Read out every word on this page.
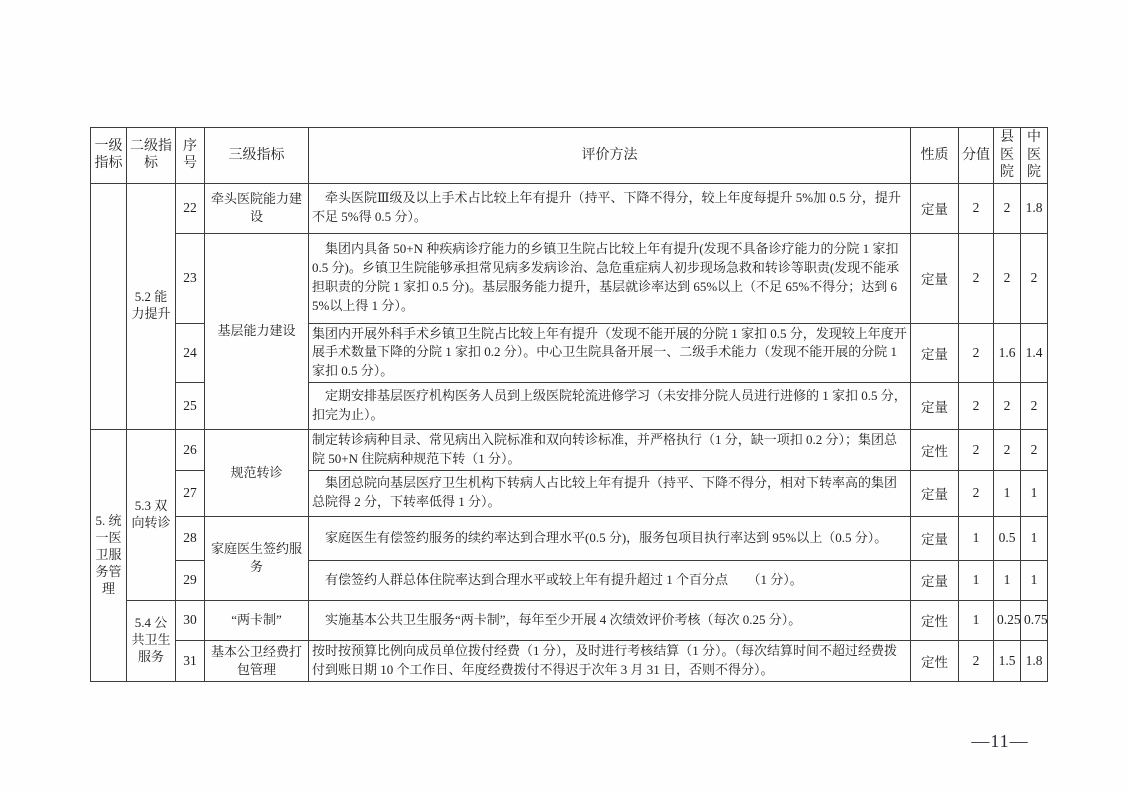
一级指标	二级指标	序号	三级指标	评价方法	性质	分值	县医院	中医院
	5.2 能力提升	22	牵头医院能力建设	　牵头医院Ⅲ级及以上手术占比较上年有提升（持平、下降不得分，较上年度每提升 5%加 0.5 分，提升不足 5%得 0.5 分）。	定量	2	2	1.8
		23	基层能力建设	　集团内具备 50+N 种疾病诊疗能力的乡镇卫生院占比较上年有提升(发现不具备诊疗能力的分院 1 家扣 0.5 分)。乡镇卫生院能够承担常见病多发病诊治、急危重症病人初步现场急救和转诊等职责(发现不能承担职责的分院 1 家扣 0.5 分)。基层服务能力提升，基层就诊率达到 65%以上（不足 65%不得分；达到 65%以上得 1 分）。	定量	2	2	2
		24		集团内开展外科手术乡镇卫生院占比较上年有提升（发现不能开展的分院 1 家扣 0.5 分，发现较上年度开展手术数量下降的分院 1 家扣 0.2 分）。中心卫生院具备开展一、二级手术能力（发现不能开展的分院 1 家扣 0.5 分）。	定量	2	1.6	1.4
		25		　定期安排基层医疗机构医务人员到上级医院轮流进修学习（未安排分院人员进行进修的 1 家扣 0.5 分，扣完为止）。	定量	2	2	2
5. 统一医卫服务管理	5.3 双向转诊	26	规范转诊	制定转诊病种目录、常见病出入院标准和双向转诊标准，并严格执行（1 分，缺一项扣 0.2 分）；集团总院 50+N 住院病种规范下转（1 分）。	定性	2	2	2
		27		　集团总院向基层医疗卫生机构下转病人占比较上年有提升（持平、下降不得分，相对下转率高的集团总院得 2 分，下转率低得 1 分）。	定量	2	1	1
		28	家庭医生签约服务	　家庭医生有偿签约服务的续约率达到合理水平(0.5 分)，服务包项目执行率达到 95%以上（0.5 分）。	定量	1	0.5	1
		29		　有偿签约人群总体住院率达到合理水平或较上年有提升超过 1 个百分点　　（1 分）。	定量	1	1	1
	5.4 公共卫生服务	30	“两卡制”	　实施基本公共卫生服务“两卡制”，每年至少开展 4 次绩效评价考核（每次 0.25 分）。	定性	1	0.25	0.75
		31	基本公卫经费打包管理	按时按预算比例向成员单位拨付经费（1 分），及时进行考核结算（1 分）。（每次结算时间不超过经费拨付到账日期 10 个工作日、年度经费拨付不得迟于次年 3 月 31 日，否则不得分）。	定性	2	1.5	1.8
—11—
